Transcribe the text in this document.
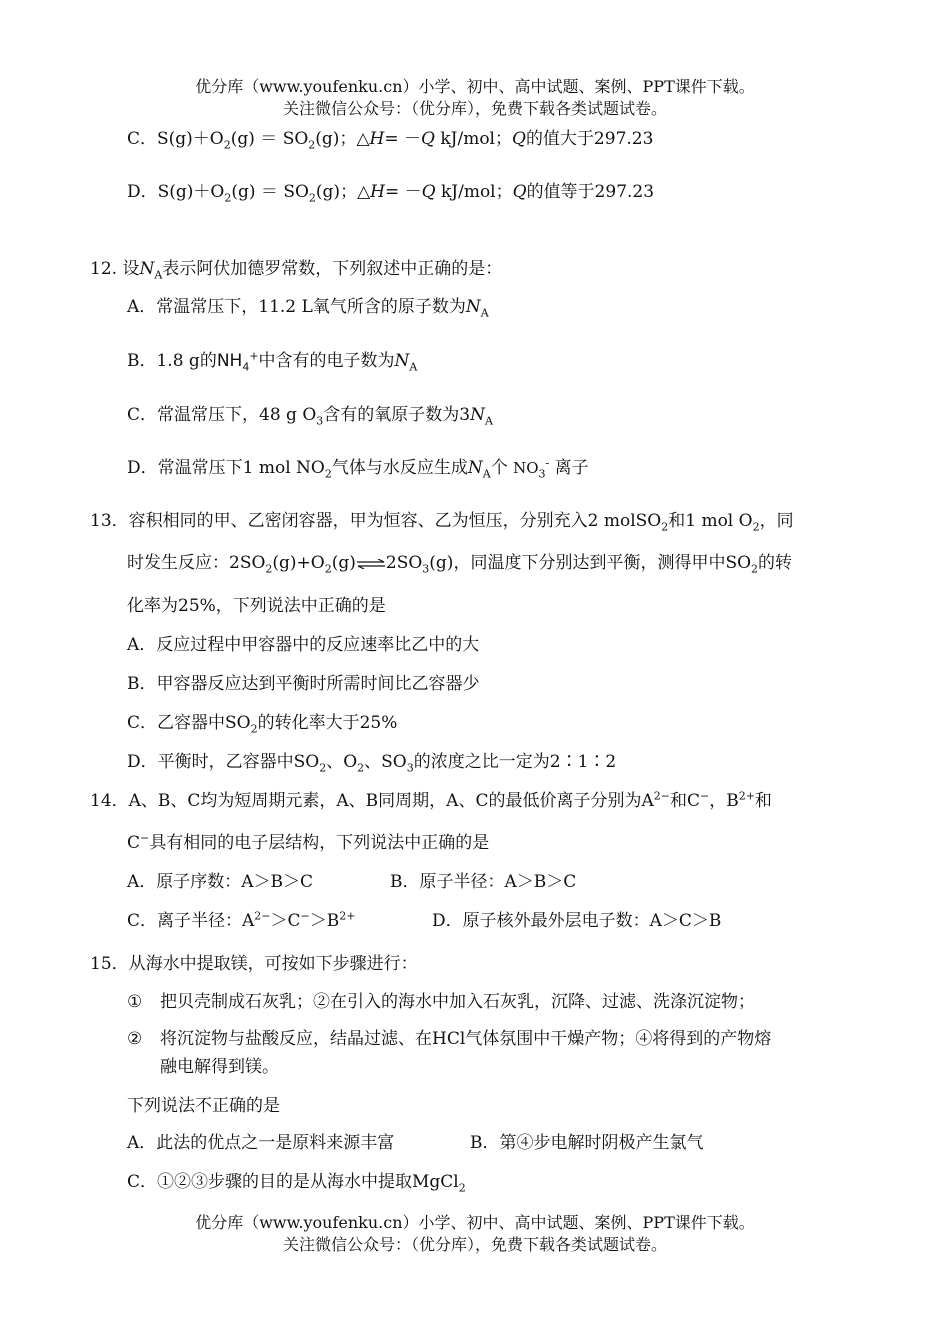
优分库（www.youfenku.cn）小学、初中、高中试题、案例、PPT课件下载。
关注微信公众号：（优分库），免费下载各类试题试卷。
C．$S(g)+O_2(g) = SO_2(g)$；△H= －Q kJ/mol；Q的值大于297.23
D．$S(g)+O_2(g) = SO_2(g)$；△H= －Q kJ/mol；Q的值等于297.23
12. 设$N_A$表示阿伏加德罗常数，下列叙述中正确的是：
A．常温常压下，11.2 L氧气所含的原子数为$N_A$
B．1.8 g的$NH_4^+$中含有的电子数为$N_A$
C．常温常压下，48 g $O_3$含有的氧原子数为$3N_A$
D．常温常压下1 mol $NO_2$气体与水反应生成$N_A$个 $NO_3^-$ 离子
13．容积相同的甲、乙密闭容器，甲为恒容、乙为恒压，分别充入2 molSO$_2$和1 mol $O_2$，同
时发生反应：$2SO_2(g)+O_2(g)\rightleftharpoons 2SO_3(g)$，同温度下分别达到平衡，测得甲中$SO_2$的转
化率为25%，下列说法中正确的是
A．反应过程中甲容器中的反应速率比乙中的大
B．甲容器反应达到平衡时所需时间比乙容器少
C．乙容器中$SO_2$的转化率大于25%
D．平衡时，乙容器中$SO_2$、$O_2$、$SO_3$的浓度之比一定为2∶1∶2
14．A、B、C均为短周期元素，A、B同周期，A、C的最低价离子分别为$A^{2-}$和C−，$B^{2+}$和
C−具有相同的电子层结构，下列说法中正确的是
A．原子序数：A＞B＞C	B．原子半径：A＞B＞C
C．离子半径：$A^{2-}>C^->B^{2+}$	D．原子核外最外层电子数：A＞C＞B
15．从海水中提取镁，可按如下步骤进行：
① 把贝壳制成石灰乳；②在引入的海水中加入石灰乳，沉降、过滤、洗涤沉淀物；
② 将沉淀物与盐酸反应，结晶过滤、在HCl气体氛围中干燥产物；④将得到的产物熔
融电解得到镁。
下列说法不正确的是
A．此法的优点之一是原料来源丰富	B．第④步电解时阴极产生氯气
C．①②③步骤的目的是从海水中提取MgCl$_2$
优分库（www.youfenku.cn）小学、初中、高中试题、案例、PPT课件下载。
关注微信公众号：（优分库），免费下载各类试题试卷。
